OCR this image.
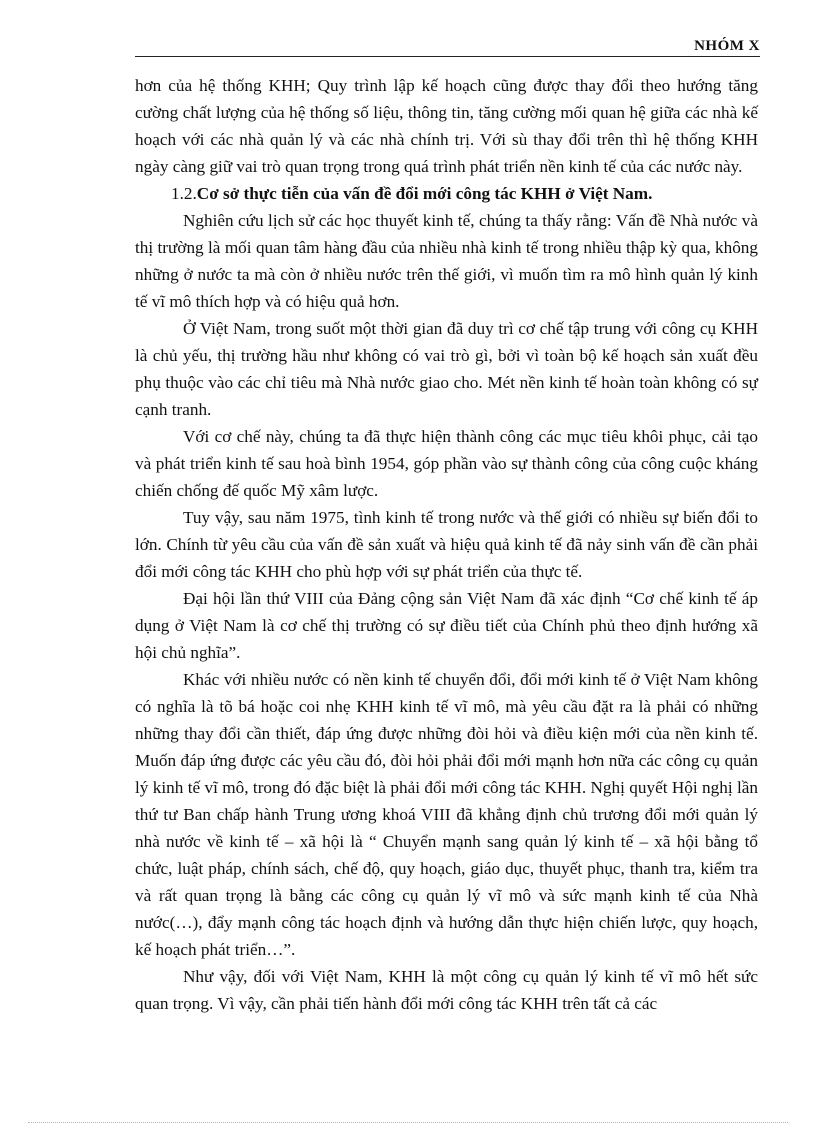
NHÓM X

hơn của hệ thống KHH; Quy trình lập kế hoạch cũng được thay đổi theo hướng tăng cường chất lượng của hệ thống số liệu, thông tin, tăng cường mối quan hệ giữa các nhà kế hoạch với các nhà quản lý và các nhà chính trị. Với sù thay đổi trên thì hệ thống KHH ngày càng giữ vai trò quan trọng trong quá trình phát triển nền kinh tế của các nước này.

1.2.Cơ sở thực tiễn của vấn đề đổi mới công tác KHH ở Việt Nam.

Nghiên cứu lịch sử các học thuyết kinh tế, chúng ta thấy rằng: Vấn đề Nhà nước và thị trường là mối quan tâm hàng đầu của nhiều nhà kinh tế trong nhiều thập kỳ qua, không những ở nước ta mà còn ở nhiều nước trên thế giới, vì muốn tìm ra mô hình quản lý kinh tế vĩ mô thích hợp và có hiệu quả hơn.

Ở Việt Nam, trong suốt một thời gian đã duy trì cơ chế tập trung với công cụ KHH là chủ yếu, thị trường hầu như không có vai trò gì, bởi vì toàn bộ kế hoạch sản xuất đều phụ thuộc vào các chỉ tiêu mà Nhà nước giao cho. Mét nền kinh tế hoàn toàn không có sự cạnh tranh.

Với cơ chế này, chúng ta đã thực hiện thành công các mục tiêu khôi phục, cải tạo và phát triển kinh tế sau hoà bình 1954, góp phần vào sự thành công của công cuộc kháng chiến chống đế quốc Mỹ xâm lược.

Tuy vậy, sau năm 1975, tình kinh tế trong nước và thế giới có nhiều sự biến đổi to lớn. Chính từ yêu cầu của vấn đề sản xuất và hiệu quả kinh tế đã nảy sinh vấn đề cần phải đổi mới công tác KHH cho phù hợp với sự phát triển của thực tế.

Đại hội lần thứ VIII của Đảng cộng sản Việt Nam đã xác định “Cơ chế kinh tế áp dụng ở Việt Nam là cơ chế thị trường có sự điều tiết của Chính phủ theo định hướng xã hội chủ nghĩa”.

Khác với nhiều nước có nền kinh tế chuyển đổi, đổi mới kinh tế ở Việt Nam không có nghĩa là tõ bá hoặc coi nhẹ KHH kinh tế vĩ mô, mà yêu cầu đặt ra là phải có những những thay đổi cần thiết, đáp ứng được những đòi hỏi và điều kiện mới của nền kinh tế. Muốn đáp ứng được các yêu cầu đó, đòi hỏi phải đổi mới mạnh hơn nữa các công cụ quản lý kinh tế vĩ mô, trong đó đặc biệt là phải đổi mới công tác KHH. Nghị quyết Hội nghị lần thứ tư Ban chấp hành Trung ương khoá VIII đã khẳng định chủ trương đổi mới quản lý nhà nước về kinh tế – xã hội là “ Chuyển mạnh sang quản lý kinh tế – xã hội bằng tổ chức, luật pháp, chính sách, chế độ, quy hoạch, giáo dục, thuyết phục, thanh tra, kiểm tra và rất quan trọng là bằng các công cụ quản lý vĩ mô và sức mạnh kinh tế của Nhà nước(…), đẩy mạnh công tác hoạch định và hướng dẫn thực hiện chiến lược, quy hoạch, kế hoạch phát triển…”.

Như vậy, đối với Việt Nam, KHH là một công cụ quản lý kinh tế vĩ mô hết sức quan trọng. Vì vậy, cần phải tiến hành đổi mới công tác KHH trên tất cả các
